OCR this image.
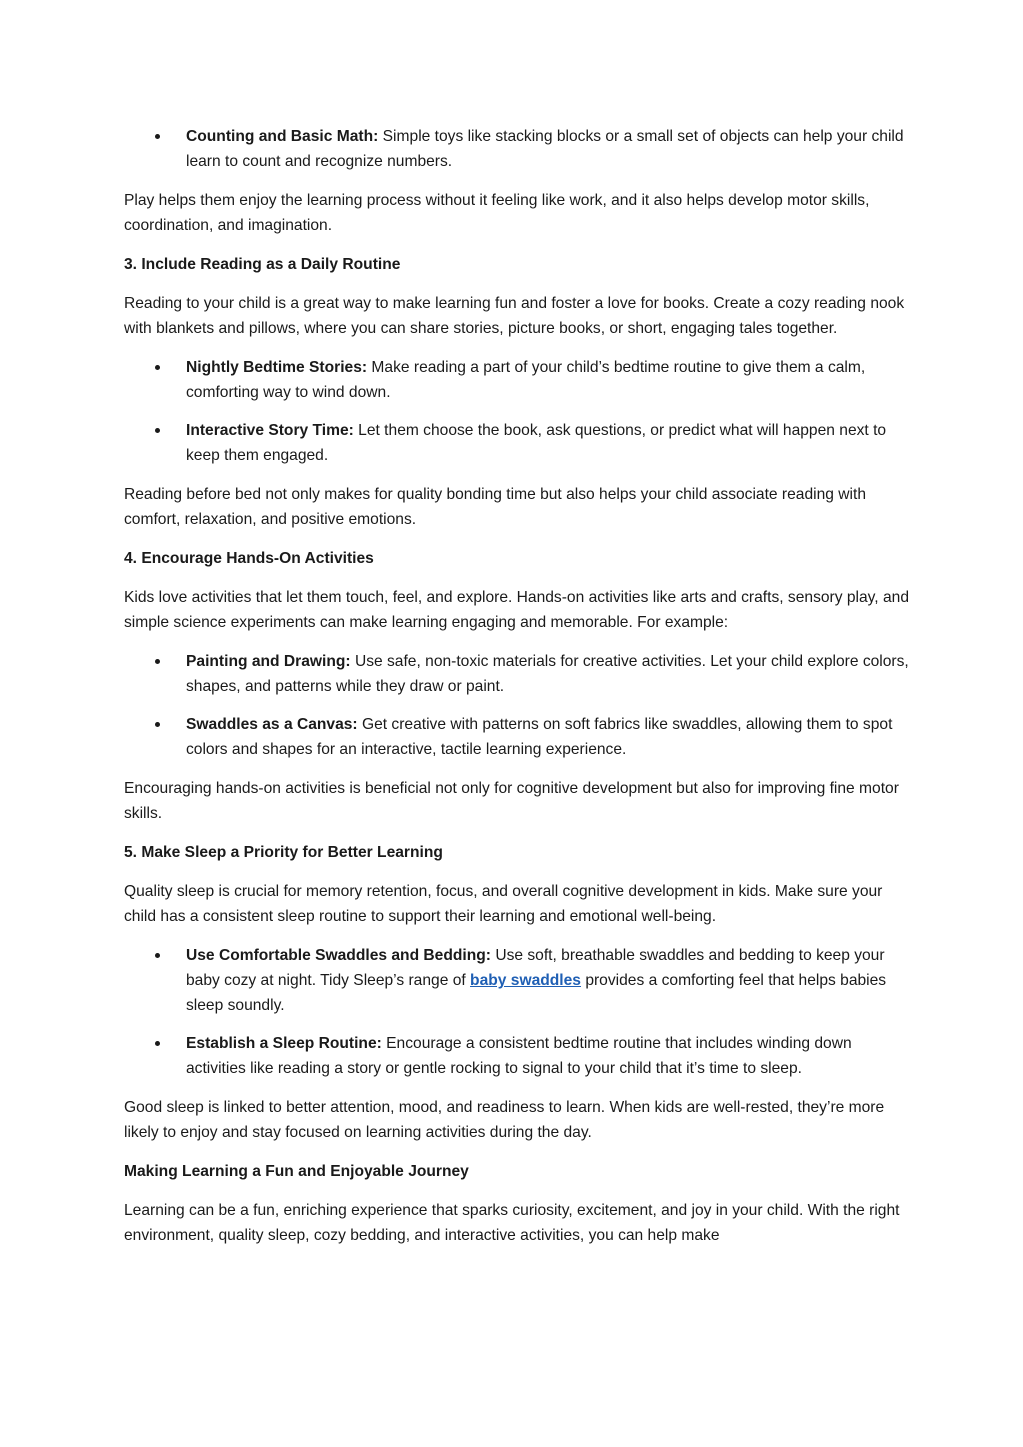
Counting and Basic Math: Simple toys like stacking blocks or a small set of objects can help your child learn to count and recognize numbers.

Play helps them enjoy the learning process without it feeling like work, and it also helps develop motor skills, coordination, and imagination.

3. Include Reading as a Daily Routine

Reading to your child is a great way to make learning fun and foster a love for books. Create a cozy reading nook with blankets and pillows, where you can share stories, picture books, or short, engaging tales together.

Nightly Bedtime Stories: Make reading a part of your child’s bedtime routine to give them a calm, comforting way to wind down.
Interactive Story Time: Let them choose the book, ask questions, or predict what will happen next to keep them engaged.

Reading before bed not only makes for quality bonding time but also helps your child associate reading with comfort, relaxation, and positive emotions.

4. Encourage Hands-On Activities

Kids love activities that let them touch, feel, and explore. Hands-on activities like arts and crafts, sensory play, and simple science experiments can make learning engaging and memorable. For example:

Painting and Drawing: Use safe, non-toxic materials for creative activities. Let your child explore colors, shapes, and patterns while they draw or paint.
Swaddles as a Canvas: Get creative with patterns on soft fabrics like swaddles, allowing them to spot colors and shapes for an interactive, tactile learning experience.

Encouraging hands-on activities is beneficial not only for cognitive development but also for improving fine motor skills.

5. Make Sleep a Priority for Better Learning

Quality sleep is crucial for memory retention, focus, and overall cognitive development in kids. Make sure your child has a consistent sleep routine to support their learning and emotional well-being.

Use Comfortable Swaddles and Bedding: Use soft, breathable swaddles and bedding to keep your baby cozy at night. Tidy Sleep’s range of baby swaddles provides a comforting feel that helps babies sleep soundly.
Establish a Sleep Routine: Encourage a consistent bedtime routine that includes winding down activities like reading a story or gentle rocking to signal to your child that it’s time to sleep.

Good sleep is linked to better attention, mood, and readiness to learn. When kids are well-rested, they’re more likely to enjoy and stay focused on learning activities during the day.

Making Learning a Fun and Enjoyable Journey

Learning can be a fun, enriching experience that sparks curiosity, excitement, and joy in your child. With the right environment, quality sleep, cozy bedding, and interactive activities, you can help make
